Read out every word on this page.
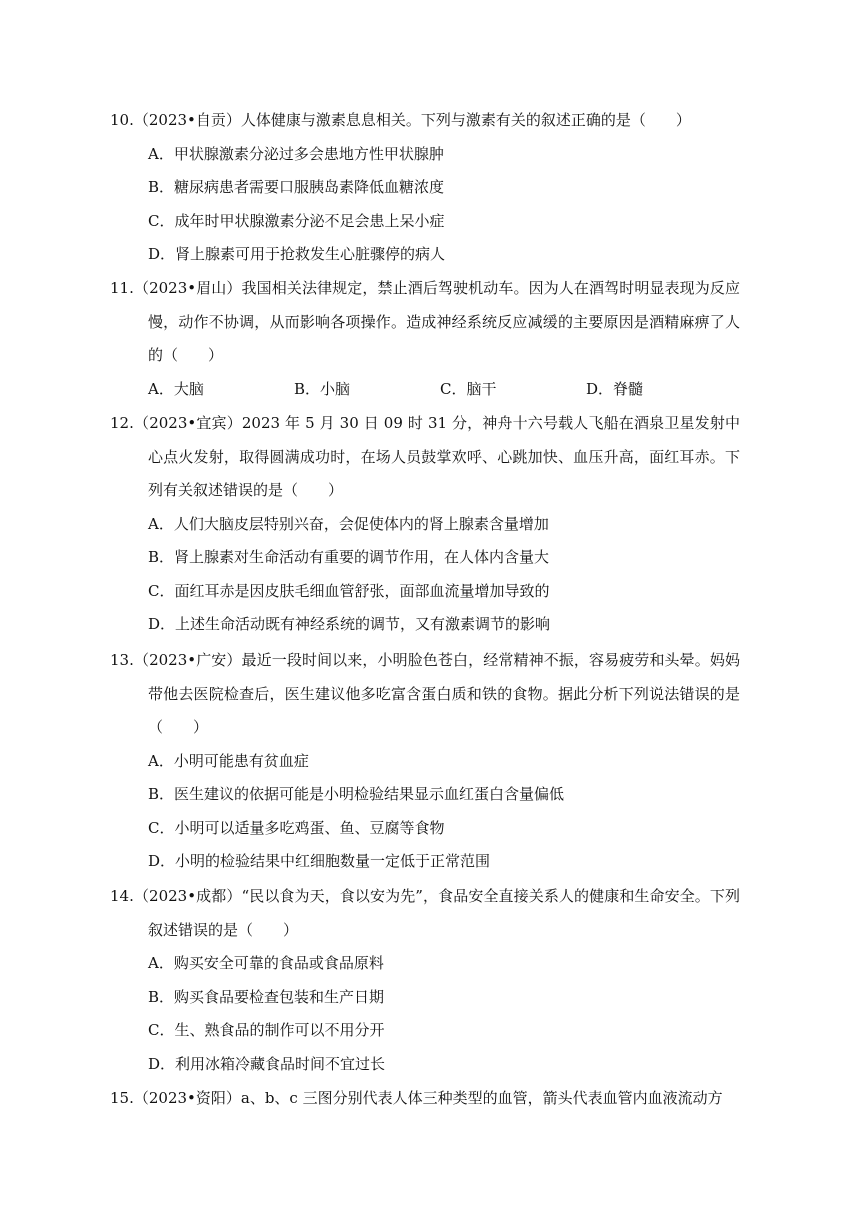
10.（2023•自贡）人体健康与激素息息相关。下列与激素有关的叙述正确的是（　　）
A．甲状腺激素分泌过多会患地方性甲状腺肿
B．糖尿病患者需要口服胰岛素降低血糖浓度
C．成年时甲状腺激素分泌不足会患上呆小症
D．肾上腺素可用于抢救发生心脏骤停的病人
11.（2023•眉山）我国相关法律规定，禁止酒后驾驶机动车。因为人在酒驾时明显表现为反应慢，动作不协调，从而影响各项操作。造成神经系统反应减缓的主要原因是酒精麻痹了人的（　　）
A．大脑	B．小脑	C．脑干	D．脊髓
12.（2023•宜宾）2023 年 5 月 30 日 09 时 31 分，神舟十六号载人飞船在酒泉卫星发射中心点火发射，取得圆满成功时，在场人员鼓掌欢呼、心跳加快、血压升高，面红耳赤。下列有关叙述错误的是（　　）
A．人们大脑皮层特别兴奋，会促使体内的肾上腺素含量增加
B．肾上腺素对生命活动有重要的调节作用，在人体内含量大
C．面红耳赤是因皮肤毛细血管舒张，面部血流量增加导致的
D．上述生命活动既有神经系统的调节，又有激素调节的影响
13.（2023•广安）最近一段时间以来，小明脸色苍白，经常精神不振，容易疲劳和头晕。妈妈带他去医院检查后，医生建议他多吃富含蛋白质和铁的食物。据此分析下列说法错误的是（　　）
A．小明可能患有贫血症
B．医生建议的依据可能是小明检验结果显示血红蛋白含量偏低
C．小明可以适量多吃鸡蛋、鱼、豆腐等食物
D．小明的检验结果中红细胞数量一定低于正常范围
14.（2023•成都）“民以食为天，食以安为先”，食品安全直接关系人的健康和生命安全。下列叙述错误的是（　　）
A．购买安全可靠的食品或食品原料
B．购买食品要检查包装和生产日期
C．生、熟食品的制作可以不用分开
D．利用冰箱冷藏食品时间不宜过长
15.（2023•资阳）a、b、c 三图分别代表人体三种类型的血管，箭头代表血管内血液流动方
